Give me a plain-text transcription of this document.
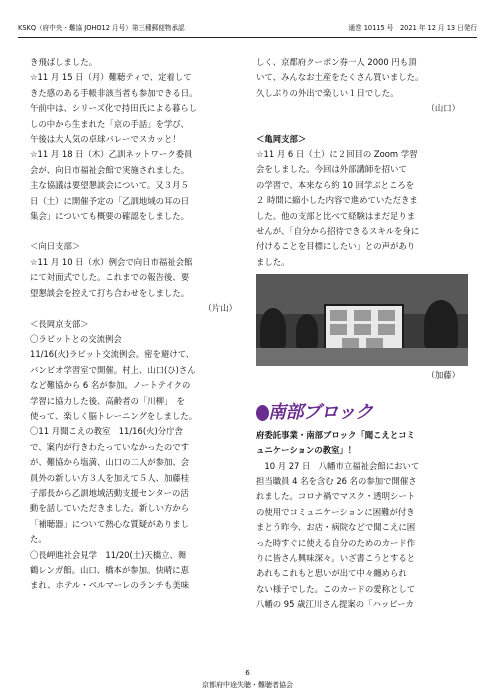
KSKQ（府中央・難協 JOHO12 月号）第三種郵便物承認	通巻 10115 号　2021 年 12 月 13 日発行

き飛ばしました。

☆11 月 15 日（月）難聴ティで、定着して

きた感のある手帳非該当者も参加できる日。

午前中は、シリーズ化で持田氏による暮らし

しの中から生まれた「京の手話」を学び、

午後は大人気の卓球バレーでスカッと！

☆11 月 18 日（木）乙訓ネットワーク委員

会が、向日市福祉会館で実施されました。

主な協議は要望懇談会について。又３月５

日（土）に開催予定の「乙訓地域の耳の日

集会」についても概要の確認をしました。

＜向日支部＞

☆11 月 10 日（水）例会で向日市福祉会館

にて対面式でした。これまでの報告後、要

望懇談会を控えて打ち合わせをしました。

（片山）

＜長岡京支部＞

〇ラビットとの交流例会

11/16(火)ラビット交流例会。密を避けて、

バンビオ学習室で開催。村上、山口(ひ)さん

など難協から 6 名が参加。ノートテイクの

学習に協力した後、高齢者の「川柳」　を

使って、楽しく脳トレーニングをしました。

〇11 月聞こえの教室　11/16(火)分庁舎

で、案内が行きわたっていなかったのです

が、難協から塩満、山口の二人が参加、会

員外の新しい方３人を加えて５人、加藤桂

子部長から乙訓地域活動支援センターの活

動を話していただきました。新しい方から

「補聴器」について熱心な質疑がありまし

た。

〇長岬進社会見学　11/20(土)天橋立、舞

鶴レンガ館。山口、橋本が参加。快晴に恵

まれ、ホテル・ベルマーレのランチも美味

しく、京都府クーポン券一人 2000 円も頂

いて、みんなお土産をたくさん買いました。

久しぶりの外出で楽しい１日でした。

（山口）

＜亀岡支部＞

☆11 月 6 日（土）に２回目の Zoom 学習

会をしました。今回は外部講師を招いて

の学習で、本来なら約 10 回学ぶところを

２ 時間に縮小した内容で進めていただきま

した。他の支部と比べて経験はまだ足りま

せんが、「自分から招待できるスキルを身に

付けることを目標にしたい」との声があり

ました。

（加藤）

南部ブロック

府委託事業・南部ブロック「聞こえとコミ

ュニケーションの教室」！

　10 月 27 日　八幡市立福祉会館において

担当職員 4 名を含む 26 名の参加で開催さ

れました。コロナ禍でマスク・透明シート

の使用でコミュニケーションに困難が付き

まとう昨今、お店・病院などで聞こえに困

った時すぐに使える自分のためのカード作

りに皆さん興味深々。いざ書こうとすると

あれもこれもと思いが出て中々纏められ

ない様子でした。このカードの愛称として

八幡の 95 歳江川さん提案の「ハッピーカ

6
京都府中途失聴・難聴者協会
